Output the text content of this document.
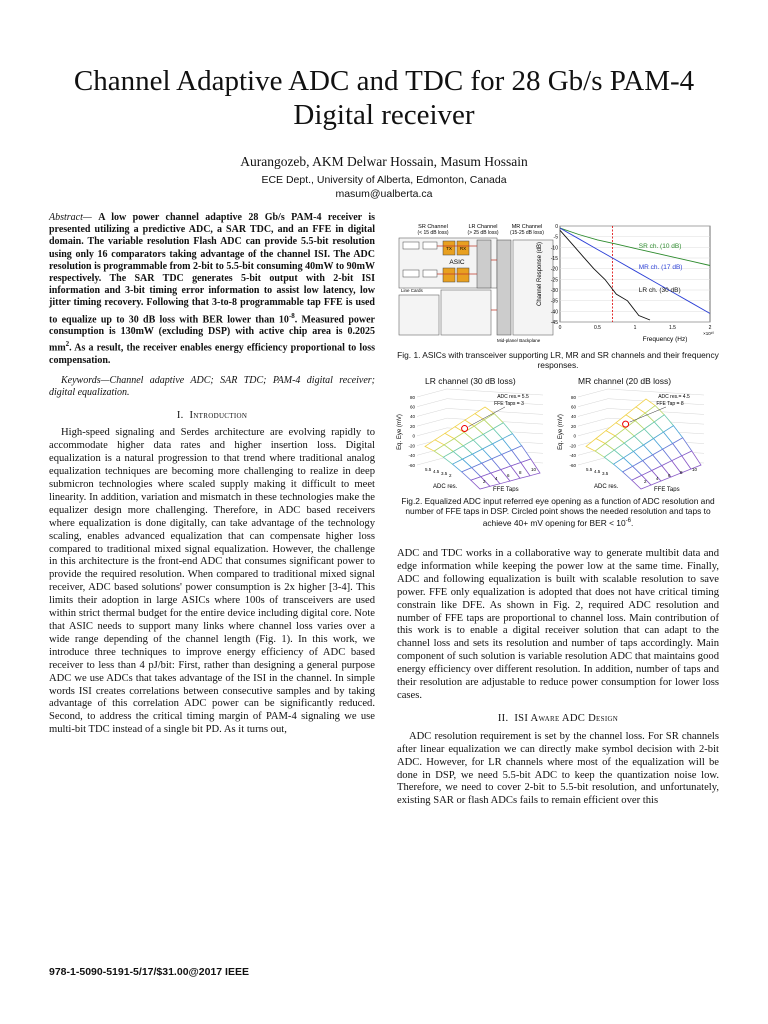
Channel Adaptive ADC and TDC for 28 Gb/s PAM-4
Digital receiver
Aurangozeb, AKM Delwar Hossain, Masum Hossain
ECE Dept., University of Alberta, Edmonton, Canada
masum@ualberta.ca
Abstract— A low power channel adaptive 28 Gb/s PAM-4 receiver is presented utilizing a predictive ADC, a SAR TDC, and an FFE in digital domain. The variable resolution Flash ADC can provide 5.5-bit resolution using only 16 comparators taking advantage of the channel ISI. The ADC resolution is programmable from 2-bit to 5.5-bit consuming 40mW to 90mW respectively. The SAR TDC generates 5-bit output with 2-bit ISI information and 3-bit timing error information to assist low latency, low jitter timing recovery. Following that 3-to-8 programmable tap FFE is used to equalize up to 30 dB loss with BER lower than $10^{-8}$. Measured power consumption is 130mW (excluding DSP) with active chip area is 0.2025 $mm^2$. As a result, the receiver enables energy efficiency proportional to loss compensation.
Keywords—Channel adaptive ADC; SAR TDC; PAM-4 digital receiver; digital equalization.
I. Introduction

High-speed signaling and Serdes architecture are evolving rapidly to accommodate higher data rates and higher insertion loss. Digital equalization is a natural progression to that trend where traditional analog equalization techniques are becoming more challenging to realize in deep submicron technologies where scaled supply making it difficult to meet linearity. In addition, variation and mismatch in these technologies make the equalizer design more challenging. Therefore, in ADC based receivers where equalization is done digitally, can take advantage of the technology scaling, enables advanced equalization that can compensate higher loss compared to traditional mixed signal equalization. However, the challenge in this architecture is the front-end ADC that consumes significant power to provide the required resolution. When compared to traditional mixed signal receiver, ADC based solutions' power consumption is 2x higher [3-4]. This limits their adoption in large ASICs where 100s of transceivers are used within strict thermal budget for the entire device including digital core. Note that ASIC needs to support many links where channel loss varies over a wide range depending of the channel length (Fig. 1). In this work, we introduce three techniques to improve energy efficiency of ADC based receiver to less than 4 pJ/bit: First, rather than designing a general purpose ADC we use ADCs that takes advantage of the ISI in the channel. In simple words ISI creates correlations between consecutive samples and by taking advantage of this correlation ADC power can be significantly reduced. Second, to address the critical timing margin of PAM-4 signaling we use multi-bit TDC instead of a single bit PD. As it turns out,

SR Channel
(< 15 dB loss)
LR Channel
(> 25 dB loss)
MR Channel
(15-25 dB loss)
TX RX
ASIC
Line Cards
Mid-plane/ Backplane
0
-5
-10
-15
-20
-25
-30
-35
-40
-45
0	0.5	1	1.5	2
Frequency (Hz)
×10¹⁰
Channel Response (dB)	SR ch. (10 dB)
MR ch. (17 dB)
LR ch. (30 dB)
Fig. 1. ASICs with transceiver supporting LR, MR and SR channels and their frequency responses.
LR channel (30 dB loss)	MR channel (20 dB loss)
Eq. Eye (mV)
80
60
40
20
0
-20
-40
-60
ADC res.= 5.5
FFE Taps = 3
5.5 4.5 3.5 2
ADC res.
2
4
6
8
10
FFE Taps
Eq. Eye (mV)
80
60
40
20
0
-20
-40
-60
ADC res.= 4.5
FFE Tap = 8
5.5 4.5 3.5
ADC res.
2
4
6
8
10
FFE Taps
Fig.2. Equalized ADC input referred eye opening as a function of ADC resolution and number of FFE taps in DSP. Circled point shows the needed resolution and taps to achieve 40+ mV opening for BER < $10^{-6}$.

ADC and TDC works in a collaborative way to generate multibit data and edge information while keeping the power low at the same time. Finally, ADC and following equalization is built with scalable resolution to save power. FFE only equalization is adopted that does not have critical timing constrain like DFE. As shown in Fig. 2, required ADC resolution and number of FFE taps are proportional to channel loss. Main contribution of this work is to enable a digital receiver solution that can adapt to the channel loss and sets its resolution and number of taps accordingly. Main component of such solution is variable resolution ADC that maintains good energy efficiency over different resolution. In addition, number of taps and their resolution are adjustable to reduce power consumption for lower loss cases.

II. ISI Aware ADC Design

ADC resolution requirement is set by the channel loss. For SR channels after linear equalization we can directly make symbol decision with 2-bit ADC. However, for LR channels where most of the equalization will be done in DSP, we need 5.5-bit ADC to keep the quantization noise low. Therefore, we need to cover 2-bit to 5.5-bit resolution, and unfortunately, existing SAR or flash ADCs fails to remain efficient over this

978-1-5090-5191-5/17/$31.00@2017 IEEE
